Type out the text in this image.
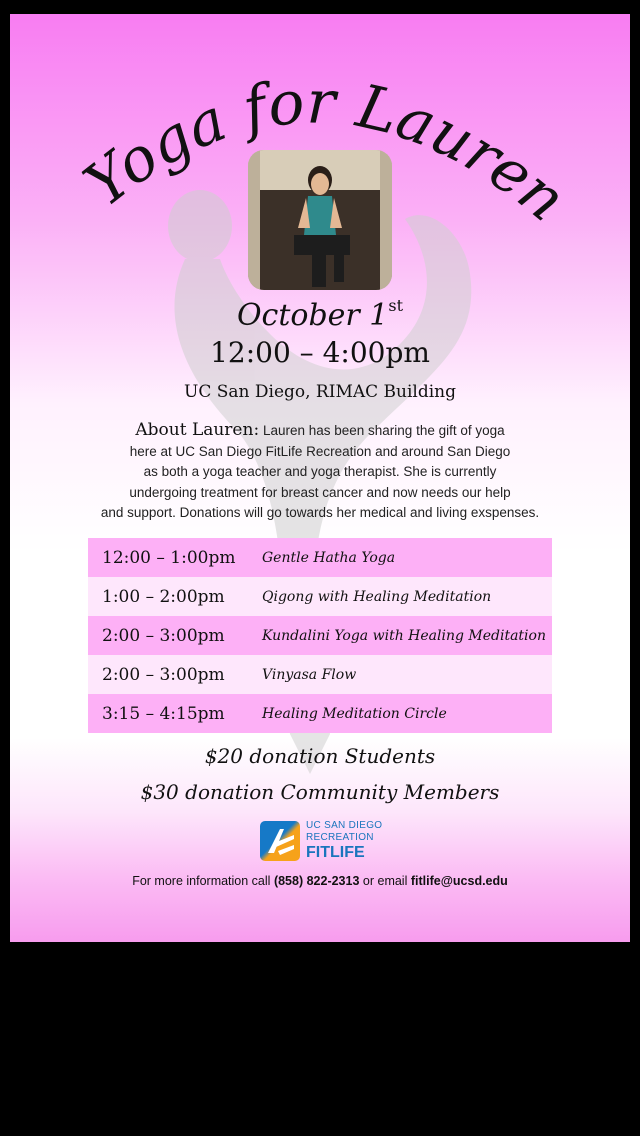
Yoga for Lauren
October 1st
12:00 – 4:00pm
UC San Diego, RIMAC Building

About Lauren: Lauren has been sharing the gift of yoga

here at UC San Diego FitLife Recreation and around San Diego

as both a yoga teacher and yoga therapist. She is currently

undergoing treatment for breast cancer and now needs our help

and support. Donations will go towards her medical and living exspenses.

12:00 – 1:00pm	Gentle Hatha Yoga
1:00 – 2:00pm	Qigong with Healing Meditation
2:00 – 3:00pm	Kundalini Yoga with Healing Meditation
2:00 – 3:00pm	Vinyasa Flow
3:15 – 4:15pm	Healing Meditation Circle
$20 donation Students
$30 donation Community Members
UC SAN DIEGO
RECREATION
FITLIFE
For more information call (858) 822-2313 or email fitlife@ucsd.edu
